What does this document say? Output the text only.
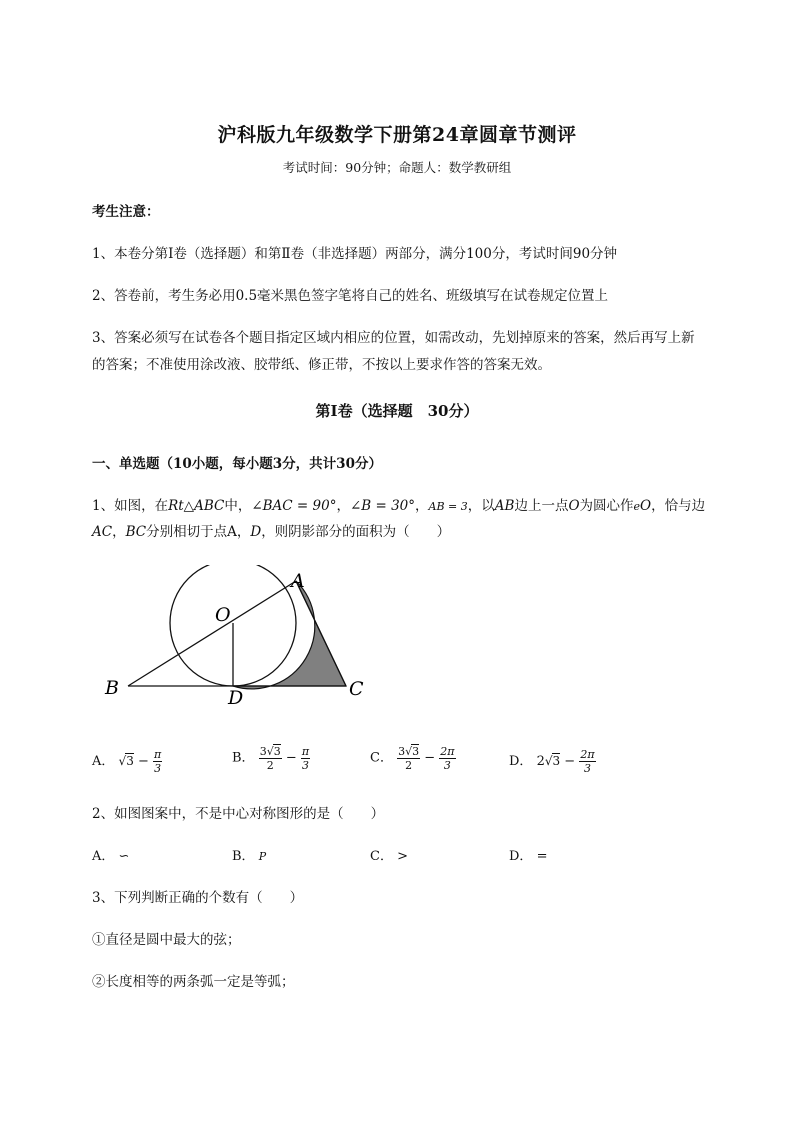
沪科版九年级数学下册第24章圆章节测评
考试时间：90分钟；命题人：数学教研组
考生注意：
1、本卷分第I卷（选择题）和第Ⅱ卷（非选择题）两部分，满分100分，考试时间90分钟
2、答卷前，考生务必用0.5毫米黑色签字笔将自己的姓名、班级填写在试卷规定位置上
3、答案必须写在试卷各个题目指定区域内相应的位置，如需改动，先划掉原来的答案，然后再写上新
的答案；不准使用涂改液、胶带纸、修正带，不按以上要求作答的答案无效。
第I卷（选择题　30分）
一、单选题（10小题，每小题3分，共计30分）
1、如图，在Rt△ABC中，∠BAC = 90°，∠B = 30°，AB = 3，以AB边上一点O为圆心作eO，恰与边
AC，BC分别相切于点A，D，则阴影部分的面积为（　　）
A
B	C
D
O
A． $√3 - \frac{\pi}{3}$	B． $\frac{3√3}{2} - \frac{\pi}{3}$	C． $\frac{3√3}{2} - \frac{2\pi}{3}$	D． $2√3 - \frac{2\pi}{3}$
2、如图图案中，不是中心对称图形的是（　　）
A． ∽	B． P	C． >	D． =
3、下列判断正确的个数有（　　）
①直径是圆中最大的弦；
②长度相等的两条弧一定是等弧；
